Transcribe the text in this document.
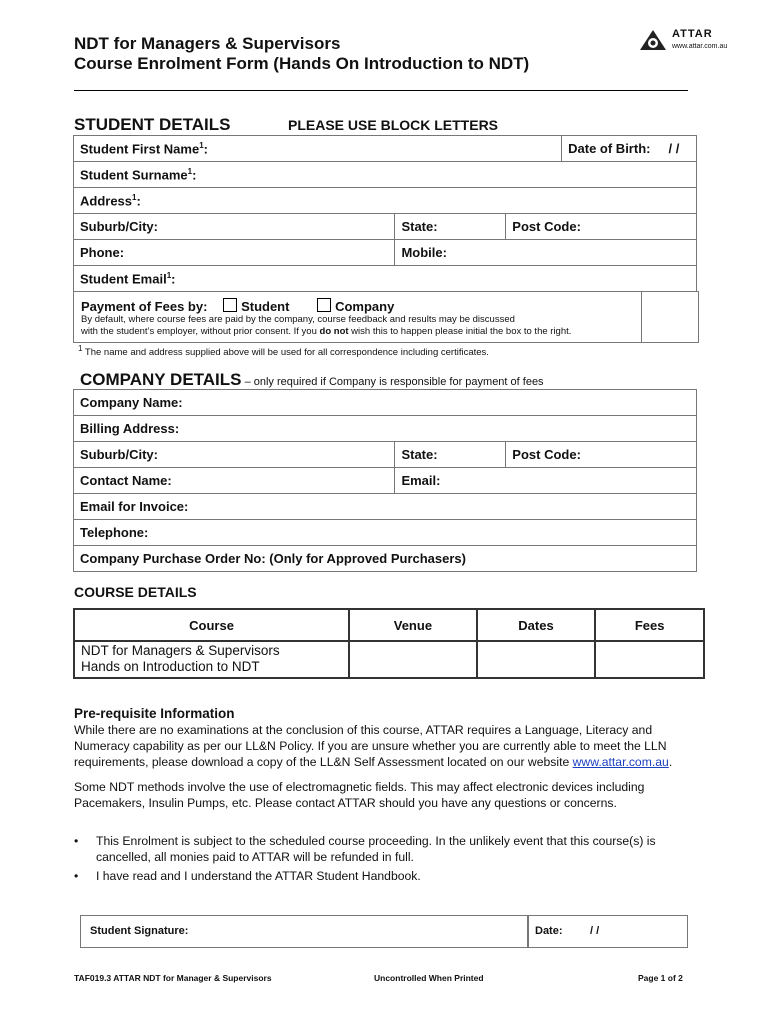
NDT for Managers & Supervisors
Course Enrolment Form (Hands On Introduction to NDT)
ATTAR
www.attar.com.au
STUDENT DETAILS	PLEASE USE BLOCK LETTERS
Student First Name$^1$:			Date of Birth: / /
Student Surname$^1$:			
Address$^1$:			
Suburb/City:	State:	Post Code:	
Phone:	Mobile:		
Student Email$^1$:			
Payment of Fees by:	Student	Company
By default, where course fees are paid by the company, course feedback and results may be discussed
with the student’s employer, without prior consent. If you do not wish this to happen please initial the box to the right.
$^1$ The name and address supplied above will be used for all correspondence including certificates.
COMPANY DETAILS – only required if Company is responsible for payment of fees
Company Name:		
Billing Address:		
Suburb/City:	State:	Post Code:
Contact Name:	Email:	
Email for Invoice:		
Telephone:		
Company Purchase Order No: (Only for Approved Purchasers)		
COURSE DETAILS
Course	Venue	Dates	Fees

NDT for Managers & Supervisors
Hands on Introduction to NDT			

Pre-requisite Information
While there are no examinations at the conclusion of this course, ATTAR requires a Language, Literacy and
Numeracy capability as per our LL&N Policy. If you are unsure whether you are currently able to meet the LLN
requirements, please download a copy of the LL&N Self Assessment located on our website www.attar.com.au.
Some NDT methods involve the use of electromagnetic fields. This may affect electronic devices including
Pacemakers, Insulin Pumps, etc. Please contact ATTAR should you have any questions or concerns.
• This Enrolment is subject to the scheduled course proceeding. In the unlikely event that this course(s) is
cancelled, all monies paid to ATTAR will be refunded in full.
• I have read and I understand the ATTAR Student Handbook.
Student Signature:	Date: / /
TAF019.3 ATTAR NDT for Manager & Supervisors	Uncontrolled When Printed	Page 1 of 2
